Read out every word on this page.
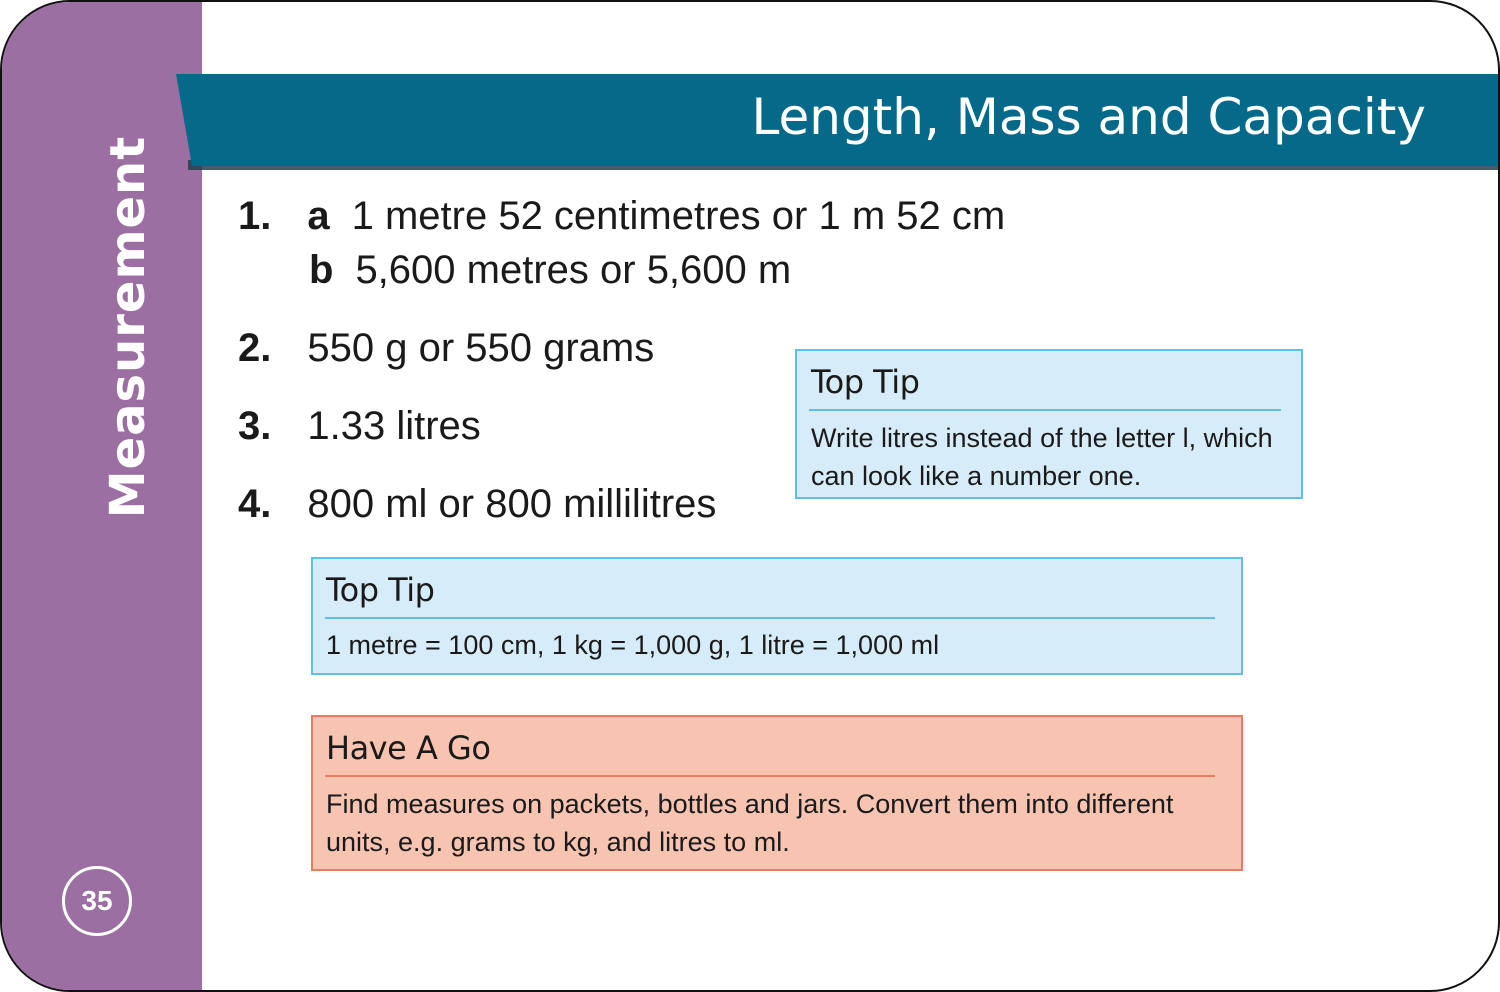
Measurement
35
Length, Mass and Capacity
1. a 1 metre 52 centimetres or 1 m 52 cm
b 5,600 metres or 5,600 m
2. 550 g or 550 grams
3. 1.33 litres
4. 800 ml or 800 millilitres
Top Tip
Write litres instead of the letter l, which
can look like a number one.
Top Tip
1 metre = 100 cm, 1 kg = 1,000 g, 1 litre = 1,000 ml
Have A Go
Find measures on packets, bottles and jars. Convert them into different
units, e.g. grams to kg, and litres to ml.
